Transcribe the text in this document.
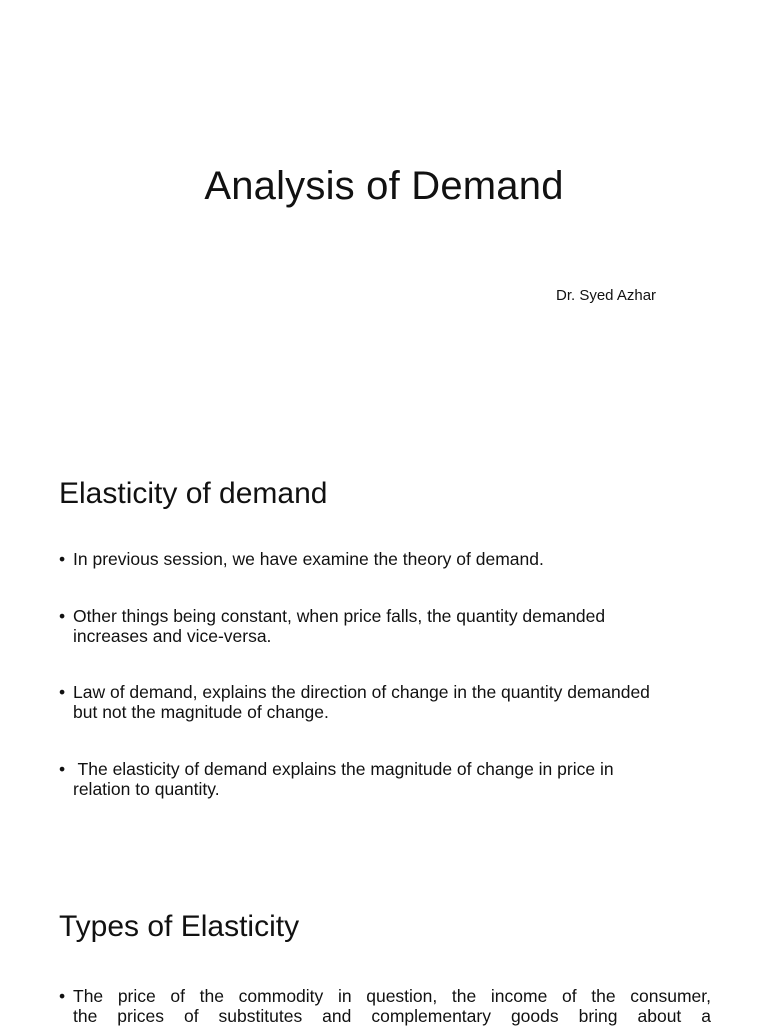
Analysis of Demand

Dr. Syed Azhar

Elasticity of demand
• In previous session, we have examine the theory of demand.
• Other things being constant, when price falls, the quantity demanded
increases and vice-versa.
• Law of demand, explains the direction of change in the quantity demanded
but not the magnitude of change.
• The elasticity of demand explains the magnitude of change in price in
relation to quantity.
Types of Elasticity
• The price of the commodity in question, the income of the consumer,
the prices of substitutes and complementary goods bring about a
